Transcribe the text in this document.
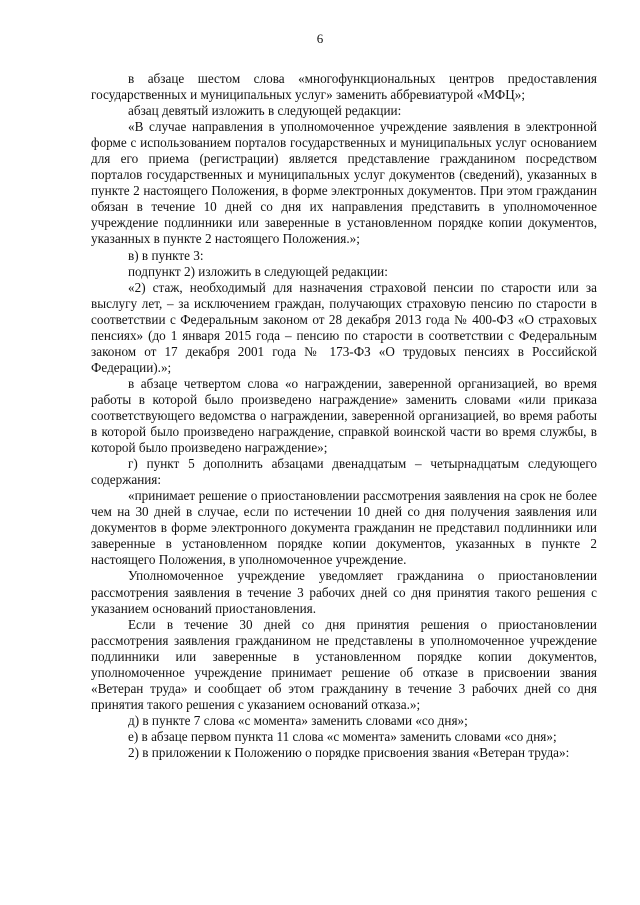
6

в абзаце шестом слова «многофункциональных центров предоставления государственных и муниципальных услуг» заменить аббревиатурой «МФЦ»;

абзац девятый изложить в следующей редакции:

«В случае направления в уполномоченное учреждение заявления в электронной форме с использованием порталов государственных и муниципальных услуг основанием для его приема (регистрации) является представление гражданином посредством порталов государственных и муниципальных услуг документов (сведений), указанных в пункте 2 настоящего Положения, в форме электронных документов. При этом гражданин обязан в течение 10 дней со дня их направления представить в уполномоченное учреждение подлинники или заверенные в установленном порядке копии документов, указанных в пункте 2 настоящего Положения.»;

в) в пункте 3:

подпункт 2) изложить в следующей редакции:

«2) стаж, необходимый для назначения страховой пенсии по старости или за выслугу лет, – за исключением граждан, получающих страховую пенсию по старости в соответствии с Федеральным законом от 28 декабря 2013 года № 400-ФЗ «О страховых пенсиях» (до 1 января 2015 года – пенсию по старости в соответствии с Федеральным законом от 17 декабря 2001 года № 173-ФЗ «О трудовых пенсиях в Российской Федерации).»;

в абзаце четвертом слова «о награждении, заверенной организацией, во время работы в которой было произведено награждение» заменить словами «или приказа соответствующего ведомства о награждении, заверенной организацией, во время работы в которой было произведено награждение, справкой воинской части во время службы, в которой было произведено награждение»;

г) пункт 5 дополнить абзацами двенадцатым – четырнадцатым следующего содержания:

«принимает решение о приостановлении рассмотрения заявления на срок не более чем на 30 дней в случае, если по истечении 10 дней со дня получения заявления или документов в форме электронного документа гражданин не представил подлинники или заверенные в установленном порядке копии документов, указанных в пункте 2 настоящего Положения, в уполномоченное учреждение.

Уполномоченное учреждение уведомляет гражданина о приостановлении рассмотрения заявления в течение 3 рабочих дней со дня принятия такого решения с указанием оснований приостановления.

Если в течение 30 дней со дня принятия решения о приостановлении рассмотрения заявления гражданином не представлены в уполномоченное учреждение подлинники или заверенные в установленном порядке копии документов, уполномоченное учреждение принимает решение об отказе в присвоении звания «Ветеран труда» и сообщает об этом гражданину в течение 3 рабочих дней со дня принятия такого решения с указанием оснований отказа.»;

д) в пункте 7 слова «с момента» заменить словами «со дня»;

е) в абзаце первом пункта 11 слова «с момента» заменить словами «со дня»;

2) в приложении к Положению о порядке присвоения звания «Ветеран труда»:
